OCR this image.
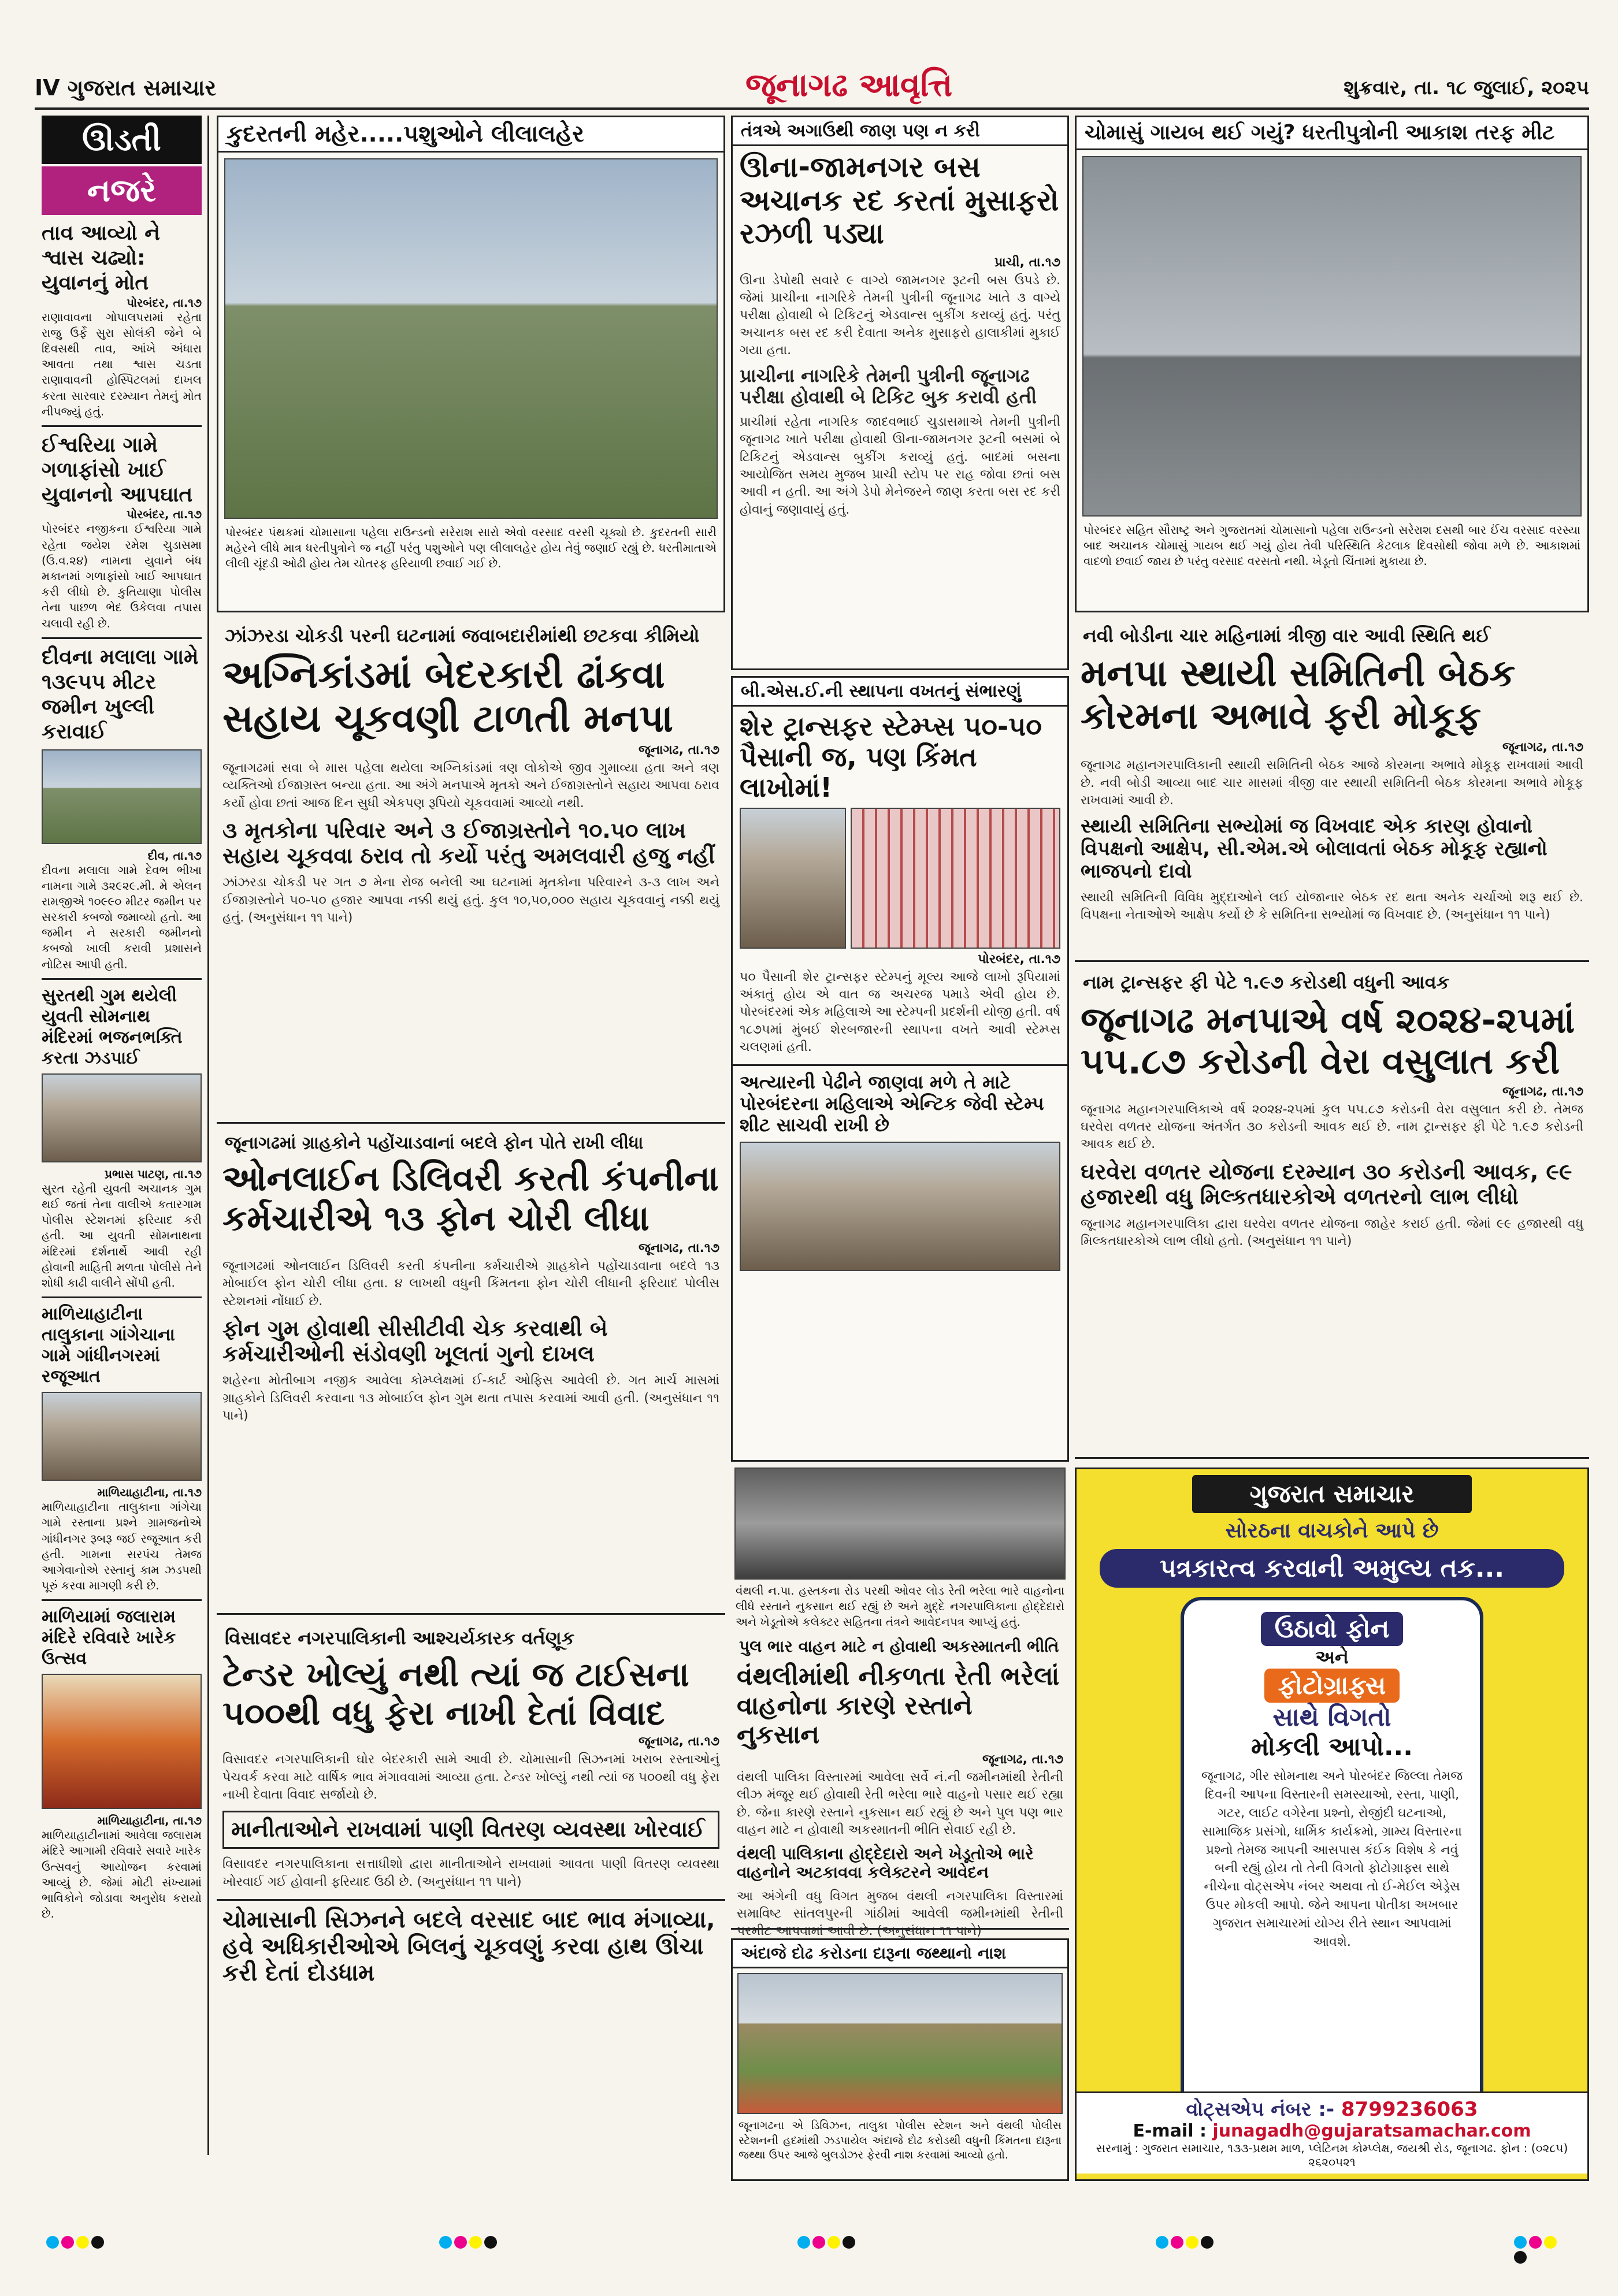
IV ગુજરાત સમાચાર	જૂનાગઢ આવૃત્તિ	શુક્રવાર, તા. ૧૮ જુલાઈ, ૨૦૨૫
ઊડતી
નજરે
તાવ આવ્યો ને શ્વાસ ચઢ્યો: યુવાનનું મોત
પોરબંદર, તા.૧૭
રાણાવાવના ગોપાલપરામાં રહેતા રાજુ ઉર્ફે સુરા સોલંકી જેને બે દિવસથી તાવ, આંખે અંધારા આવતા તથા શ્વાસ ચડતા રાણાવાવની હોસ્પિટલમાં દાખલ કરતા સારવાર દરમ્યાન તેમનું મોત નીપજ્યું હતું.
ઈશ્વરિયા ગામે ગળાફાંસો ખાઈ યુવાનનો આપઘાત
પોરબંદર, તા.૧૭
પોરબંદર નજીકના ઈશ્વરિયા ગામે રહેતા જયેશ રમેશ ચુડાસમા (ઉ.વ.૨૪) નામના યુવાને બંધ મકાનમાં ગળાફાંસો ખાઈ આપઘાત કરી લીધો છે. કુતિયાણા પોલીસ તેના પાછળ ભેદ ઉકેલવા તપાસ ચલાવી રહી છે.
દીવના મલાલા ગામે ૧૩૯૫૫ મીટર જમીન ખુલ્લી કરાવાઈ
દીવ, તા.૧૭
દીવના મલાલા ગામે દેવભ ભીખા નામના ગામે ૩૨૯૨૯.મી. મે એલન રામજીએ ૧૦૯૯૦ મીટર જમીન પર સરકારી કબજો જમાવ્યો હતો. આ જમીન ને સરકારી જમીનનો કબજો ખાલી કરાવી પ્રશાસને નોટિસ આપી હતી.
સુરતથી ગુમ થયેલી યુવતી સોમનાથ મંદિરમાં ભજનભક્તિ કરતા ઝડપાઈ
પ્રભાસ પાટણ, તા.૧૭
સુરત રહેતી યુવતી અચાનક ગુમ થઈ જતાં તેના વાલીએ કતારગામ પોલીસ સ્ટેશનમાં ફરિયાદ કરી હતી. આ યુવતી સોમનાથના મંદિરમાં દર્શનાર્થે આવી રહી હોવાની માહિતી મળતા પોલીસે તેને શોધી કાઢી વાલીને સોંપી હતી.
માળિયાહાટીના તાલુકાના ગાંગેચાના ગામે ગાંધીનગરમાં રજૂઆત
માળિયાહાટીના, તા.૧૭
માળિયાહાટીના તાલુકાના ગાંગેચા ગામે રસ્તાના પ્રશ્ને ગ્રામજનોએ ગાંધીનગર રૂબરૂ જઈ રજૂઆત કરી હતી. ગામના સરપંચ તેમજ આગેવાનોએ રસ્તાનું કામ ઝડપથી પૂરું કરવા માગણી કરી છે.
માળિયામાં જલારામ મંદિરે રવિવારે ખારેક ઉત્સવ
માળિયાહાટીના, તા.૧૭
માળિયાહાટીનામાં આવેલા જલારામ મંદિરે આગામી રવિવારે સવારે ખારેક ઉત્સવનું આયોજન કરવામાં આવ્યું છે. જેમાં મોટી સંખ્યામાં ભાવિકોને જોડાવા અનુરોધ કરાયો છે.
કુદરતની મહેર.....પશુઓને લીલાલહેર
પોરબંદર પંથકમાં ચોમાસાના પહેલા રાઉન્ડનો સરેરાશ સારો એવો વરસાદ વરસી ચૂક્યો છે. કુદરતની સારી મહેરને લીધે માત્ર ધરતીપુત્રોને જ નહીં પરંતુ પશુઓને પણ લીલાલહેર હોય તેવું જણાઈ રહ્યું છે. ધરતીમાતાએ લીલી ચૂંદડી ઓઢી હોય તેમ ચોતરફ હરિયાળી છવાઈ ગઈ છે.
તંત્રએ અગાઉથી જાણ પણ ન કરી
ઊના-જામનગર બસ અચાનક રદ કરતાં મુસાફરો રઝળી પડ્યા
પ્રાચી, તા.૧૭
ઊના ડેપોથી સવારે ૯ વાગ્યે જામનગર રૂટની બસ ઉપડે છે. જેમાં પ્રાચીના નાગરિકે તેમની પુત્રીની જૂનાગઢ ખાતે ૩ વાગ્યે પરીક્ષા હોવાથી બે ટિકિટનું એડવાન્સ બુકીંગ કરાવ્યું હતું. પરંતુ અચાનક બસ રદ કરી દેવાતા અનેક મુસાફરો હાલાકીમાં મુકાઈ ગયા હતા.
પ્રાચીના નાગરિકે તેમની પુત્રીની જૂનાગઢ પરીક્ષા હોવાથી બે ટિકિટ બુક કરાવી હતી
પ્રાચીમાં રહેતા નાગરિક જાદવભાઈ ચુડાસમાએ તેમની પુત્રીની જૂનાગઢ ખાતે પરીક્ષા હોવાથી ઊના-જામનગર રૂટની બસમાં બે ટિકિટનું એડવાન્સ બુકીંગ કરાવ્યું હતું. બાદમાં બસના આયોજિત સમય મુજબ પ્રાચી સ્ટોપ પર રાહ જોવા છતાં બસ આવી ન હતી. આ અંગે ડેપો મેનેજરને જાણ કરતા બસ રદ કરી હોવાનું જણાવાયું હતું.
ચોમાસું ગાયબ થઈ ગયું? ધરતીપુત્રોની આકાશ તરફ મીટ
પોરબંદર સહિત સૌરાષ્ટ્ર અને ગુજરાતમાં ચોમાસાનો પહેલા રાઉન્ડનો સરેરાશ દસથી બાર ઈંચ વરસાદ વરસ્યા બાદ અચાનક ચોમાસું ગાયબ થઈ ગયું હોય તેવી પરિસ્થિતિ કેટલાક દિવસોથી જોવા મળે છે. આકાશમાં વાદળો છવાઈ જાય છે પરંતુ વરસાદ વરસતો નથી. ખેડૂતો ચિંતામાં મુકાયા છે.
ઝાંઝરડા ચોકડી પરની ઘટનામાં જવાબદારીમાંથી છટકવા કીમિયો
અગ્નિકાંડમાં બેદરકારી ઢાંકવા સહાય ચૂકવણી ટાળતી મનપા
જૂનાગઢ, તા.૧૭
જૂનાગઢમાં સવા બે માસ પહેલા થયેલા અગ્નિકાંડમાં ત્રણ લોકોએ જીવ ગુમાવ્યા હતા અને ત્રણ વ્યક્તિઓ ઈજાગ્રસ્ત બન્યા હતા. આ અંગે મનપાએ મૃતકો અને ઈજાગ્રસ્તોને સહાય આપવા ઠરાવ કર્યો હોવા છતાં આજ દિન સુધી એકપણ રૂપિયો ચૂકવવામાં આવ્યો નથી.
૩ મૃતકોના પરિવાર અને ૩ ઈજાગ્રસ્તોને ૧૦.૫૦ લાખ સહાય ચૂકવવા ઠરાવ તો કર્યો પરંતુ અમલવારી હજુ નહીં
ઝાંઝરડા ચોકડી પર ગત ૭ મેના રોજ બનેલી આ ઘટનામાં મૃતકોના પરિવારને ૩-૩ લાખ અને ઈજાગ્રસ્તોને ૫૦-૫૦ હજાર આપવા નક્કી થયું હતું. કુલ ૧૦,૫૦,૦૦૦ સહાય ચૂકવવાનું નક્કી થયું હતું. (અનુસંધાન ૧૧ પાને)
બી.એસ.ઈ.ની સ્થાપના વખતનું સંભારણું
શેર ટ્રાન્સફર સ્ટેમ્પ્સ ૫૦-૫૦ પૈસાની જ, પણ કિંમત લાખોમાં!
પોરબંદર, તા.૧૭
૫૦ પૈસાની શેર ટ્રાન્સફર સ્ટેમ્પનું મૂલ્ય આજે લાખો રૂપિયામાં અંકાતું હોય એ વાત જ અચરજ પમાડે એવી હોય છે. પોરબંદરમાં એક મહિલાએ આ સ્ટેમ્પની પ્રદર્શની યોજી હતી. વર્ષ ૧૮૭૫માં મુંબઈ શેરબજારની સ્થાપના વખતે આવી સ્ટેમ્પ્સ ચલણમાં હતી.
અત્યારની પેઢીને જાણવા મળે તે માટે પોરબંદરના મહિલાએ એન્ટિક જેવી સ્ટેમ્પ શીટ સાચવી રાખી છે
નવી બોડીના ચાર મહિનામાં ત્રીજી વાર આવી સ્થિતિ થઈ
મનપા સ્થાયી સમિતિની બેઠક કોરમના અભાવે ફરી મોકૂફ
જૂનાગઢ, તા.૧૭
જૂનાગઢ મહાનગરપાલિકાની સ્થાયી સમિતિની બેઠક આજે કોરમના અભાવે મોકૂફ રાખવામાં આવી છે. નવી બોડી આવ્યા બાદ ચાર માસમાં ત્રીજી વાર સ્થાયી સમિતિની બેઠક કોરમના અભાવે મોકૂફ રાખવામાં આવી છે.
સ્થાયી સમિતિના સભ્યોમાં જ વિખવાદ એક કારણ હોવાનો વિપક્ષનો આક્ષેપ, સી.એમ.એ બોલાવતાં બેઠક મોકૂફ રહ્યાનો ભાજપનો દાવો
સ્થાયી સમિતિની વિવિધ મુદ્દાઓને લઈ યોજાનાર બેઠક રદ થતા અનેક ચર્ચાઓ શરૂ થઈ છે. વિપક્ષના નેતાઓએ આક્ષેપ કર્યો છે કે સમિતિના સભ્યોમાં જ વિખવાદ છે. (અનુસંધાન ૧૧ પાને)
નામ ટ્રાન્સફર ફી પેટે ૧.૯૭ કરોડથી વધુની આવક
જૂનાગઢ મનપાએ વર્ષ ૨૦૨૪-૨૫માં ૫૫.૮૭ કરોડની વેરા વસુલાત કરી
જૂનાગઢ, તા.૧૭
જૂનાગઢ મહાનગરપાલિકાએ વર્ષ ૨૦૨૪-૨૫માં કુલ ૫૫.૮૭ કરોડની વેરા વસુલાત કરી છે. તેમજ ઘરવેરા વળતર યોજના અંતર્ગત ૩૦ કરોડની આવક થઈ છે. નામ ટ્રાન્સફર ફી પેટે ૧.૯૭ કરોડની આવક થઈ છે.
ઘરવેરા વળતર યોજના દરમ્યાન ૩૦ કરોડની આવક, ૯૯ હજારથી વધુ મિલ્કતધારકોએ વળતરનો લાભ લીધો
જૂનાગઢ મહાનગરપાલિકા દ્વારા ઘરવેરા વળતર યોજના જાહેર કરાઈ હતી. જેમાં ૯૯ હજારથી વધુ મિલ્કતધારકોએ લાભ લીધો હતો. (અનુસંધાન ૧૧ પાને)
જૂનાગઢમાં ગ્રાહકોને પહોંચાડવાનાં બદલે ફોન પોતે રાખી લીધા
ઓનલાઈન ડિલિવરી કરતી કંપનીના કર્મચારીએ ૧૩ ફોન ચોરી લીધા
જૂનાગઢ, તા.૧૭
જૂનાગઢમાં ઓનલાઈન ડિલિવરી કરતી કંપનીના કર્મચારીએ ગ્રાહકોને પહોંચાડવાના બદલે ૧૩ મોબાઈલ ફોન ચોરી લીધા હતા. ૪ લાખથી વધુની કિંમતના ફોન ચોરી લીધાની ફરિયાદ પોલીસ સ્ટેશનમાં નોંધાઈ છે.
ફોન ગુમ હોવાથી સીસીટીવી ચેક કરવાથી બે કર્મચારીઓની સંડોવણી ખૂલતાં ગુનો દાખલ
શહેરના મોતીબાગ નજીક આવેલા કોમ્પ્લેક્ષમાં ઈ-કાર્ટ ઓફિસ આવેલી છે. ગત માર્ચ માસમાં ગ્રાહકોને ડિલિવરી કરવાના ૧૩ મોબાઈલ ફોન ગુમ થતા તપાસ કરવામાં આવી હતી. (અનુસંધાન ૧૧ પાને)
વંથલી ન.પા. હસ્તકના રોડ પરથી ઓવર લોડ રેતી ભરેલા ભારે વાહનોના લીધે રસ્તાને નુકસાન થઈ રહ્યું છે અને મુદ્દે નગરપાલિકાના હોદ્દેદારો અને ખેડૂતોએ કલેક્ટર સહિતના તંત્રને આવેદનપત્ર આપ્યું હતું.
પુલ ભાર વાહન માટે ન હોવાથી અકસ્માતની ભીતિ
વંથલીમાંથી નીકળતા રેતી ભરેલાં વાહનોના કારણે રસ્તાને નુકસાન
જૂનાગઢ, તા.૧૭
વંથલી પાલિકા વિસ્તારમાં આવેલા સર્વે નં.ની જમીનમાંથી રેતીની લીઝ મંજૂર થઈ હોવાથી રેતી ભરેલા ભારે વાહનો પસાર થઈ રહ્યા છે. જેના કારણે રસ્તાને નુકસાન થઈ રહ્યું છે અને પુલ પણ ભાર વાહન માટે ન હોવાથી અકસ્માતની ભીતિ સેવાઈ રહી છે.
વંથલી પાલિકાના હોદ્દેદારો અને ખેડૂતોએ ભારે વાહનોને અટકાવવા કલેક્ટરને આવેદન
આ અંગેની વધુ વિગત મુજબ વંથલી નગરપાલિકા વિસ્તારમાં સમાવિષ્ટ સાંતલપુરની ગાંઠીમાં આવેલી જમીનમાંથી રેતીની પરમીટ આપવામાં આવી છે. (અનુસંધાન ૧૧ પાને)
અંદાજે દોઢ કરોડના દારૂના જથ્થાનો નાશ
જૂનાગઢના એ ડિવિઝન, તાલુકા પોલીસ સ્ટેશન અને વંથલી પોલીસ સ્ટેશનની હદમાંથી ઝડપાયેલ અંદાજે દોઢ કરોડથી વધુની કિંમતના દારૂના જથ્થા ઉપર આજે બુલડોઝર ફેરવી નાશ કરવામાં આવ્યો હતો.
વિસાવદર નગરપાલિકાની આશ્ચર્યકારક વર્તણૂક
ટેન્ડર ખોલ્યું નથી ત્યાં જ ટાઈસના ૫૦૦થી વધુ ફેરા નાખી દેતાં વિવાદ
જૂનાગઢ, તા.૧૭
વિસાવદર નગરપાલિકાની ઘોર બેદરકારી સામે આવી છે. ચોમાસાની સિઝનમાં ખરાબ રસ્તાઓનું પેચવર્ક કરવા માટે વાર્ષિક ભાવ મંગાવવામાં આવ્યા હતા. ટેન્ડર ખોલ્યું નથી ત્યાં જ ૫૦૦થી વધુ ફેરા નાખી દેવાતા વિવાદ સર્જાયો છે.
માનીતાઓને રાખવામાં પાણી વિતરણ વ્યવસ્થા ખોરવાઈ
વિસાવદર નગરપાલિકાના સત્તાધીશો દ્વારા માનીતાઓને રાખવામાં આવતા પાણી વિતરણ વ્યવસ્થા ખોરવાઈ ગઈ હોવાની ફરિયાદ ઉઠી છે. (અનુસંધાન ૧૧ પાને)
ચોમાસાની સિઝનને બદલે વરસાદ બાદ ભાવ મંગાવ્યા, હવે અધિકારીઓએ બિલનું ચૂકવણું કરવા હાથ ઊંચા કરી દેતાં દોડધામ
ગુજરાત સમાચાર
સોરઠના વાચકોને આપે છે
પત્રકારત્વ કરવાની અમુલ્ય તક...
ઉઠાવો ફોન
અને
ફોટોગ્રાફ્સ
સાથે વિગતો
મોકલી આપો...
જૂનાગઢ, ગીર સોમનાથ અને પોરબંદર જિલ્લા તેમજ દિવની આપના વિસ્તારની સમસ્યાઓ, રસ્તા, પાણી, ગટર, લાઈટ વગેરેના પ્રશ્નો, રોજીંદી ઘટનાઓ, સામાજિક પ્રસંગો, ધાર્મિક કાર્યક્રમો, ગ્રામ્ય વિસ્તારના પ્રશ્નો તેમજ આપની આસપાસ કંઈક વિશેષ કે નવું બની રહ્યું હોય તો તેની વિગતો ફોટોગ્રાફ્સ સાથે નીચેના વોટ્સએપ નંબર અથવા તો ઈ-મેઈલ એડ્રેસ ઉપર મોકલી આપો. જેને આપના પોતીકા અખબાર ગુજરાત સમાચારમાં યોગ્ય રીતે સ્થાન આપવામાં આવશે.
વોટ્સએપ નંબર :- 8799236063
E-mail : junagadh@gujaratsamachar.com
સરનામું : ગુજરાત સમાચાર, ૧૩૩-પ્રથમ માળ, પ્લેટિનમ કોમ્પ્લેક્ષ, જયશ્રી રોડ, જૂનાગઢ. ફોન : (૦૨૮૫) ૨૬૨૦૫૨૧
